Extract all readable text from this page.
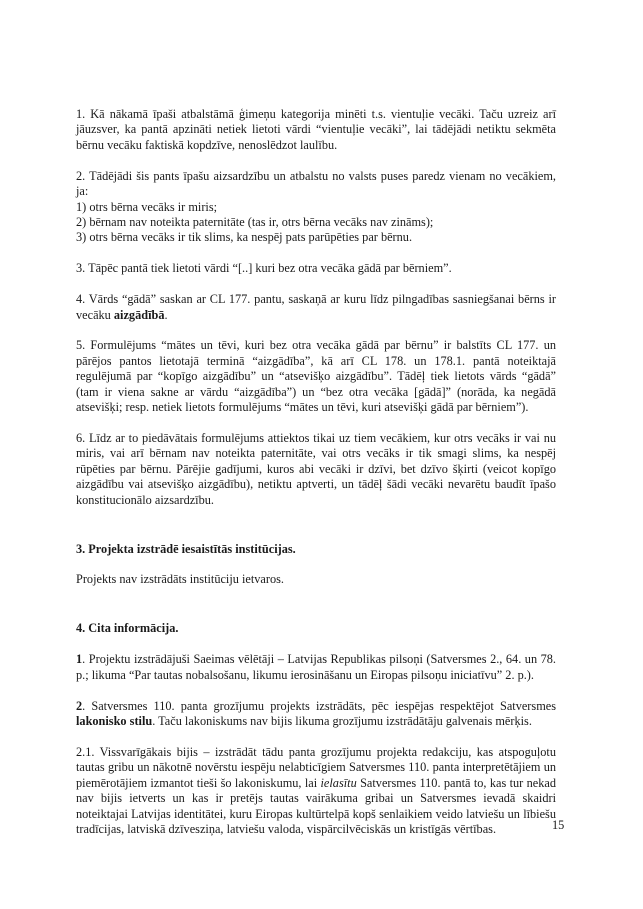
1. Kā nākamā īpaši atbalstāmā ģimeņu kategorija minēti t.s. vientuļie vecāki. Taču uzreiz arī jāuzsver, ka pantā apzināti netiek lietoti vārdi “vientuļie vecāki”, lai tādējādi netiktu sekmēta bērnu vecāku faktiskā kopdzīve, nenoslēdzot laulību.

2. Tādējādi šis pants īpašu aizsardzību un atbalstu no valsts puses paredz vienam no vecākiem, ja:
1) otrs bērna vecāks ir miris;
2) bērnam nav noteikta paternitāte (tas ir, otrs bērna vecāks nav zināms);
3) otrs bērna vecāks ir tik slims, ka nespēj pats parūpēties par bērnu.

3. Tāpēc pantā tiek lietoti vārdi “[..] kuri bez otra vecāka gādā par bērniem”.

4. Vārds “gādā” saskan ar CL 177. pantu, saskaņā ar kuru līdz pilngadības sasniegšanai bērns ir vecāku aizgādībā.

5. Formulējums “mātes un tēvi, kuri bez otra vecāka gādā par bērnu” ir balstīts CL 177. un pārējos pantos lietotajā terminā “aizgādība”, kā arī CL 178. un 178.1. pantā noteiktajā regulējumā par “kopīgo aizgādību” un “atsevišķo aizgādību”. Tādēļ tiek lietots vārds “gādā” (tam ir viena sakne ar vārdu “aizgādība”) un “bez otra vecāka [gādā]” (norāda, ka negādā atsevišķi; resp. netiek lietots formulējums “mātes un tēvi, kuri atsevišķi gādā par bērniem”).

6. Līdz ar to piedāvātais formulējums attiektos tikai uz tiem vecākiem, kur otrs vecāks ir vai nu miris, vai arī bērnam nav noteikta paternitāte, vai otrs vecāks ir tik smagi slims, ka nespēj rūpēties par bērnu. Pārējie gadījumi, kuros abi vecāki ir dzīvi, bet dzīvo šķirti (veicot kopīgo aizgādību vai atsevišķo aizgādību), netiktu aptverti, un tādēļ šādi vecāki nevarētu baudīt īpašo konstitucionālo aizsardzību.

3. Projekta izstrādē iesaistītās institūcijas.

Projekts nav izstrādāts institūciju ietvaros.

4. Cita informācija.

1. Projektu izstrādājuši Saeimas vēlētāji – Latvijas Republikas pilsoņi (Satversmes 2., 64. un 78. p.; likuma “Par tautas nobalsošanu, likumu ierosināšanu un Eiropas pilsoņu iniciatīvu” 2. p.).

2. Satversmes 110. panta grozījumu projekts izstrādāts, pēc iespējas respektējot Satversmes lakonisko stilu. Taču lakoniskums nav bijis likuma grozījumu izstrādātāju galvenais mērķis.

2.1. Vissvarīgākais bijis – izstrādāt tādu panta grozījumu projekta redakciju, kas atspoguļotu tautas gribu un nākotnē novērstu iespēju nelabticīgiem Satversmes 110. panta interpretētājiem un piemērotājiem izmantot tieši šo lakoniskumu, lai ielasītu Satversmes 110. pantā to, kas tur nekad nav bijis ietverts un kas ir pretējs tautas vairākuma gribai un Satversmes ievadā skaidri noteiktajai Latvijas identitātei, kuru Eiropas kultūrtelpā kopš senlaikiem veido latviešu un lībiešu tradīcijas, latviskā dzīvesziņa, latviešu valoda, vispārcilvēciskās un kristīgās vērtības.	15
